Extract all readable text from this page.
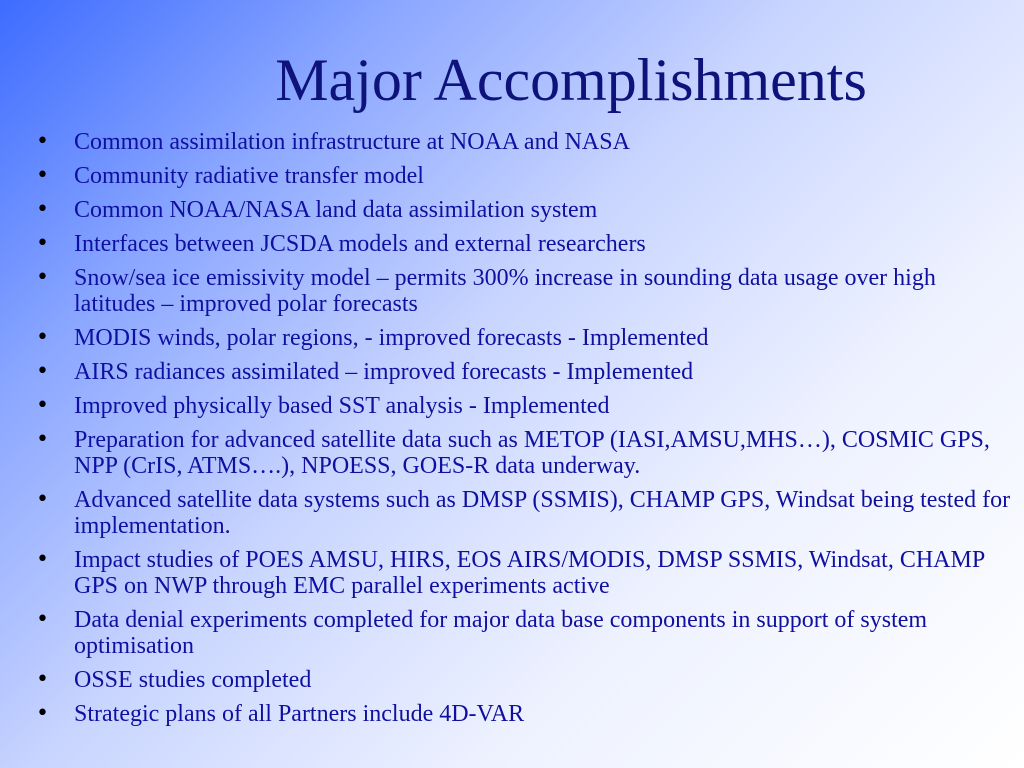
Major Accomplishments
• Common assimilation infrastructure at NOAA and NASA
• Community radiative transfer model
• Common NOAA/NASA land data assimilation system
• Interfaces between JCSDA models and external researchers
• Snow/sea ice emissivity model – permits 300% increase in sounding data usage over high latitudes – improved polar forecasts
• MODIS winds, polar regions, - improved forecasts - Implemented
• AIRS radiances assimilated – improved forecasts - Implemented
• Improved physically based SST analysis - Implemented
• Preparation for advanced satellite data such as METOP (IASI,AMSU,MHS…), COSMIC GPS, NPP (CrIS, ATMS….), NPOESS, GOES-R data underway.
• Advanced satellite data systems such as DMSP (SSMIS), CHAMP GPS, Windsat being tested for implementation.
• Impact studies of POES AMSU, HIRS, EOS AIRS/MODIS, DMSP SSMIS, Windsat, CHAMP GPS on NWP through EMC parallel experiments active
• Data denial experiments completed for major data base components in support of system optimisation
• OSSE studies completed
• Strategic plans of all Partners include 4D-VAR
